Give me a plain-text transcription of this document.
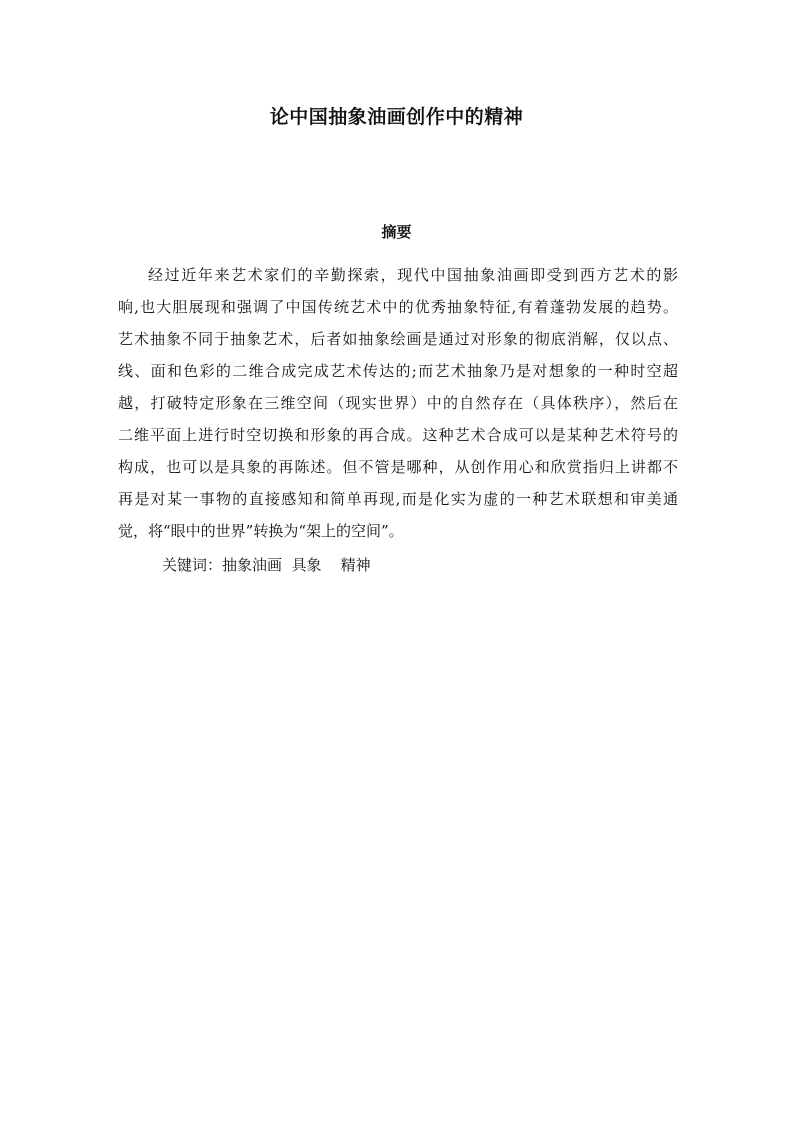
论中国抽象油画创作中的精神
摘要
经过近年来艺术家们的辛勤探索，现代中国抽象油画即受到西方艺术的影
响,也大胆展现和强调了中国传统艺术中的优秀抽象特征,有着蓬勃发展的趋势。
艺术抽象不同于抽象艺术，后者如抽象绘画是通过对形象的彻底消解，仅以点、
线、面和色彩的二维合成完成艺术传达的;而艺术抽象乃是对想象的一种时空超
越，打破特定形象在三维空间（现实世界）中的自然存在（具体秩序），然后在
二维平面上进行时空切换和形象的再合成。这种艺术合成可以是某种艺术符号的
构成，也可以是具象的再陈述。但不管是哪种，从创作用心和欣赏指归上讲都不
再是对某一事物的直接感知和简单再现,而是化实为虚的一种艺术联想和审美通
觉，将“眼中的世界”转换为“架上的空间”。
关键词：抽象油画  具象    精神
